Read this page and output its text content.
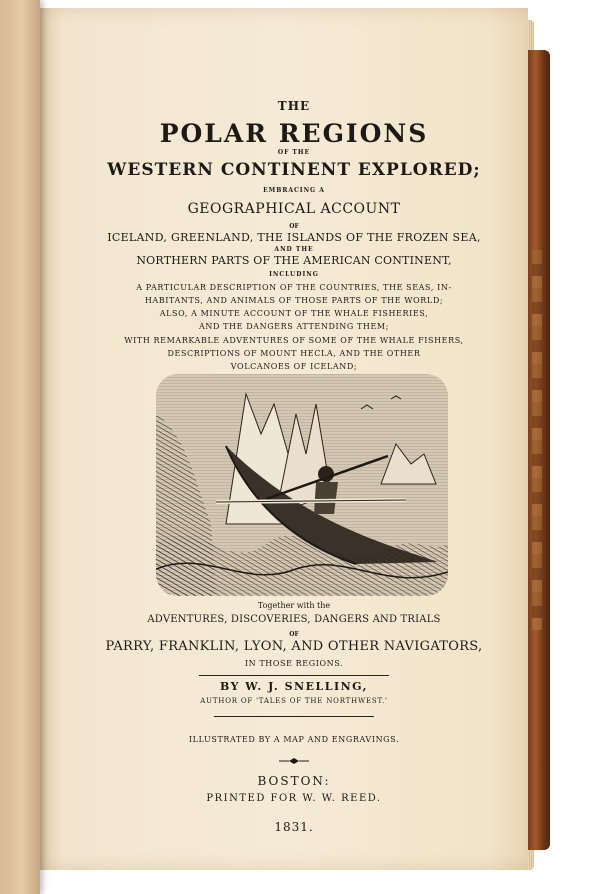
THE
POLAR REGIONS
OF THE
WESTERN CONTINENT EXPLORED;
EMBRACING A
GEOGRAPHICAL ACCOUNT
OF
ICELAND, GREENLAND, THE ISLANDS OF THE FROZEN SEA,
AND THE
NORTHERN PARTS OF THE AMERICAN CONTINENT,
INCLUDING
A PARTICULAR DESCRIPTION OF THE COUNTRIES, THE SEAS, IN-
HABITANTS, AND ANIMALS OF THOSE PARTS OF THE WORLD;
ALSO, A MINUTE ACCOUNT OF THE WHALE FISHERIES,
AND THE DANGERS ATTENDING THEM;
WITH REMARKABLE ADVENTURES OF SOME OF THE WHALE FISHERS,
DESCRIPTIONS OF MOUNT HECLA, AND THE OTHER
VOLCANOES OF ICELAND;
Together with the
ADVENTURES, DISCOVERIES, DANGERS AND TRIALS
OF
PARRY, FRANKLIN, LYON, AND OTHER NAVIGATORS,
IN THOSE REGIONS.
BY W. J. SNELLING,
AUTHOR OF 'TALES OF THE NORTHWEST.'
ILLUSTRATED BY A MAP AND ENGRAVINGS.
BOSTON:
PRINTED FOR W. W. REED.
1831.
